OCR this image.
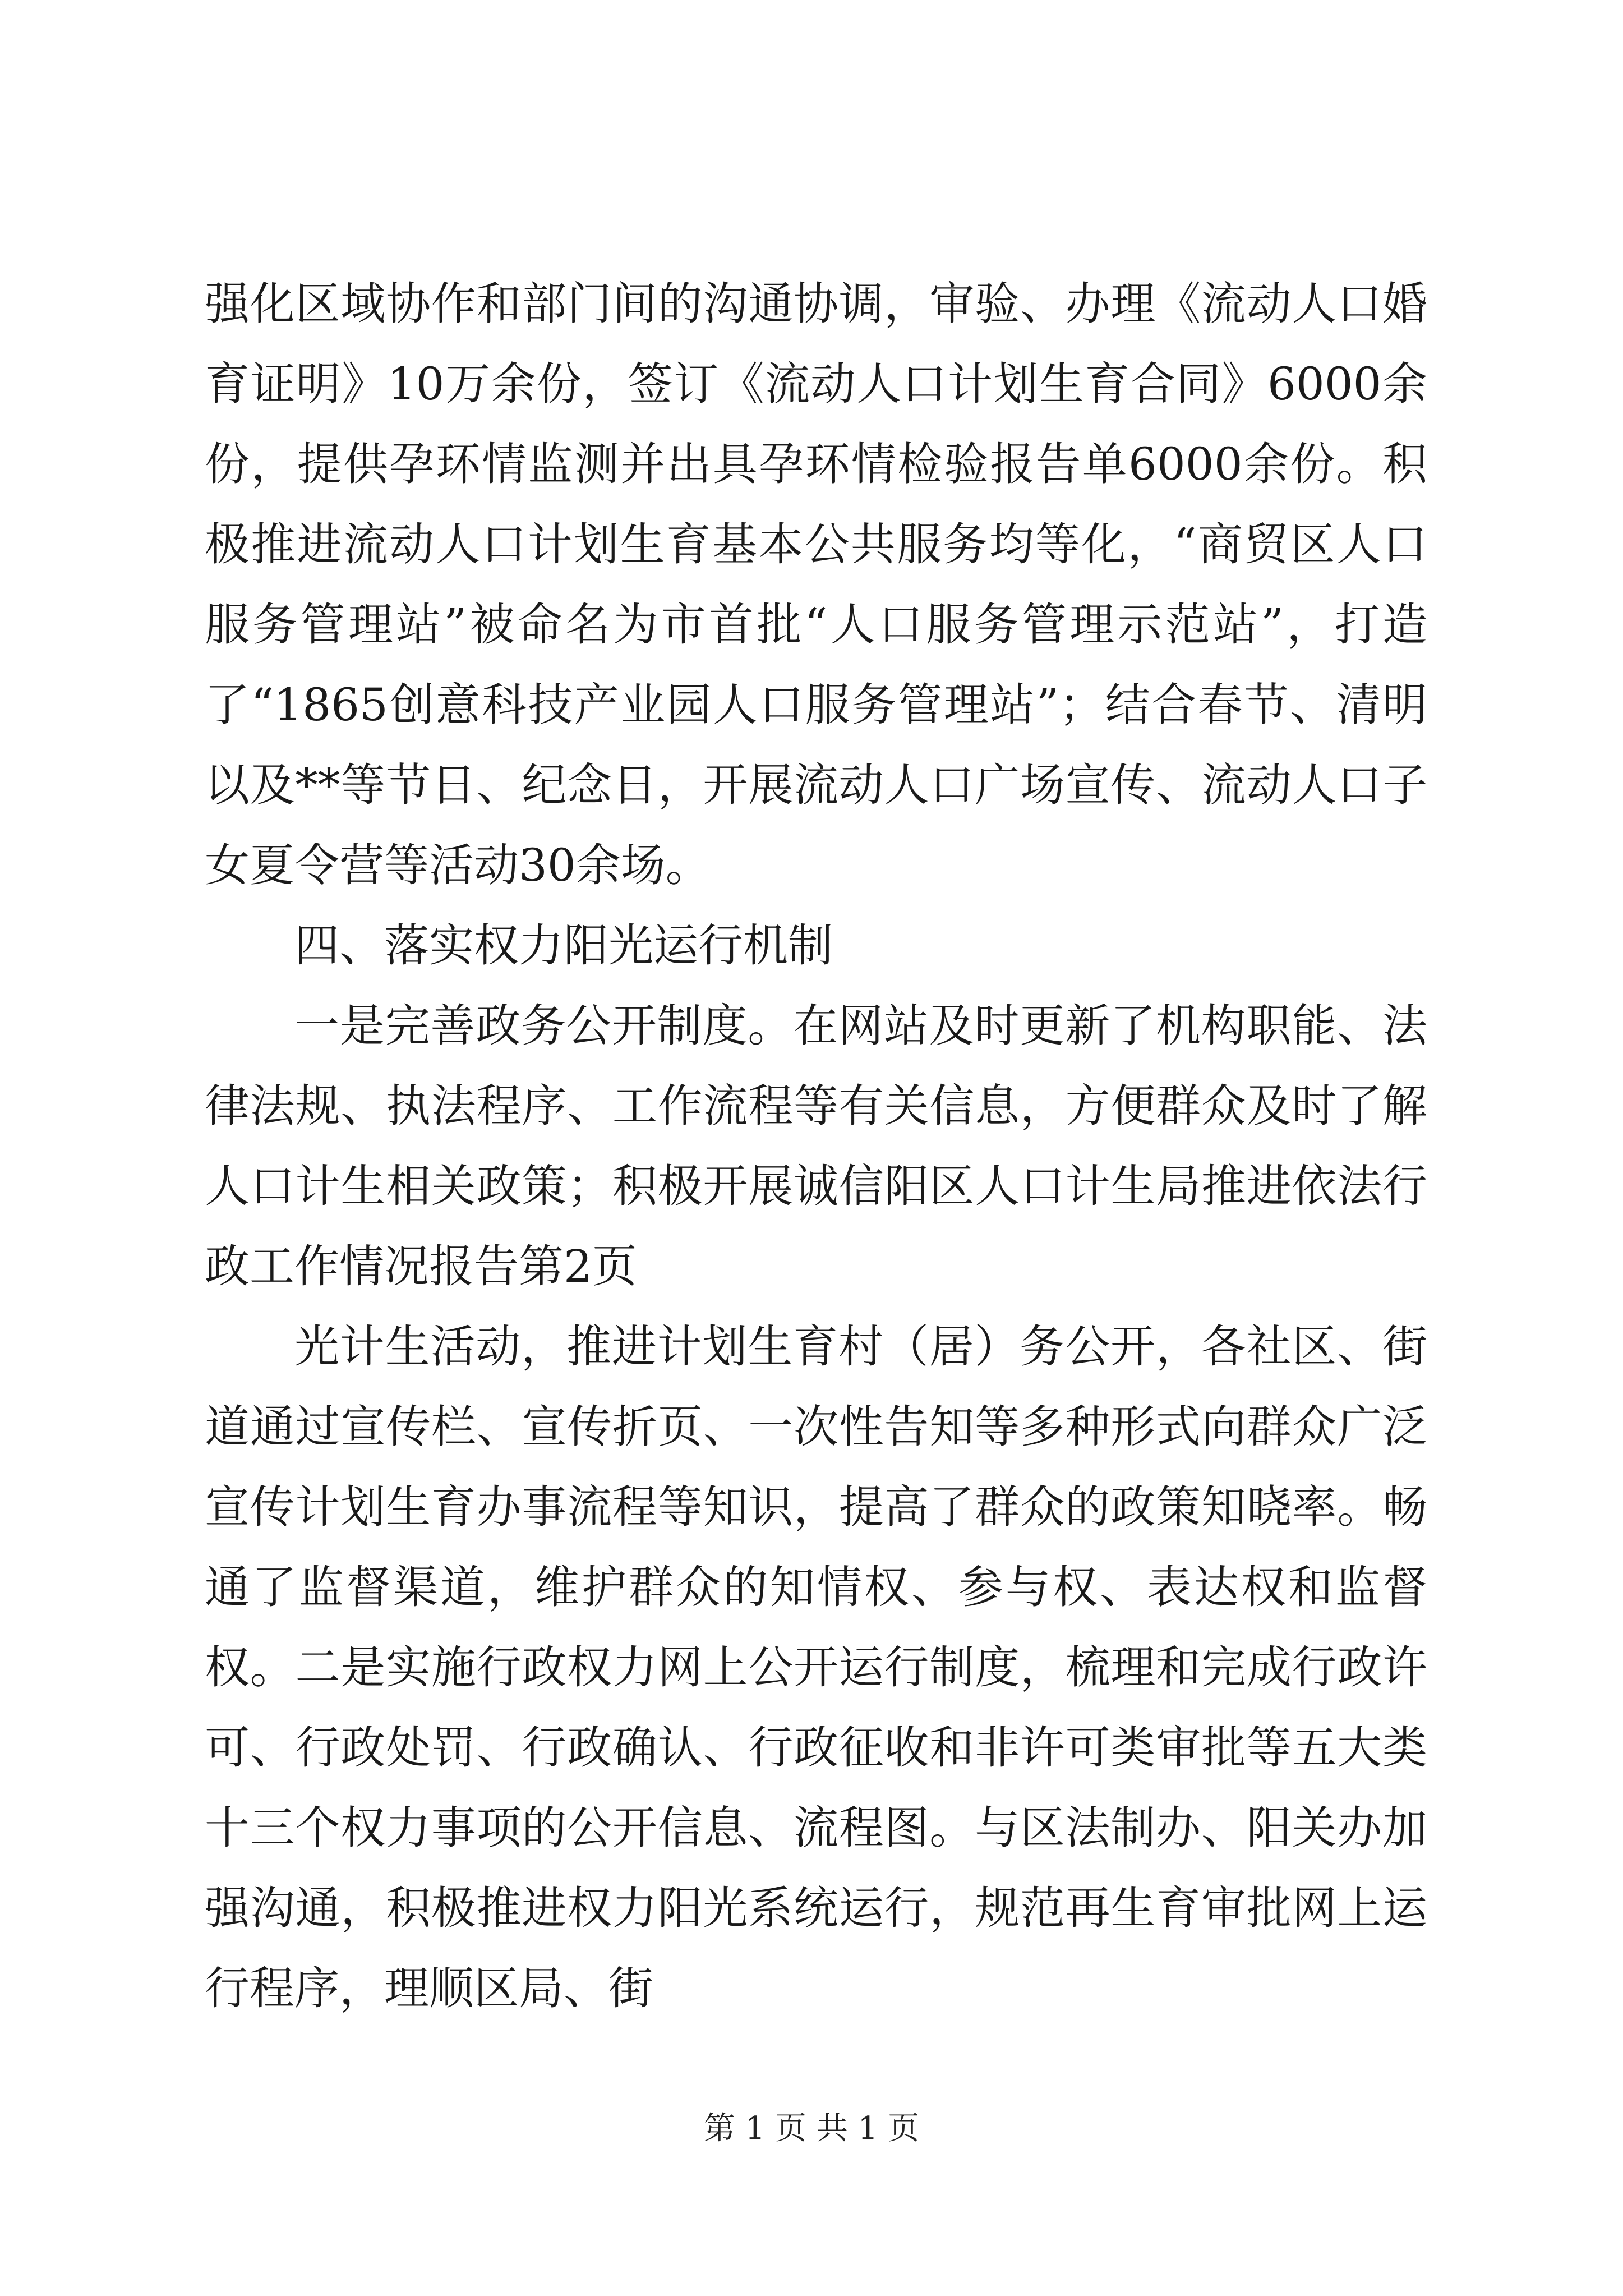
强化区域协作和部门间的沟通协调，审验、办理《流动人口婚育证明》10万余份，签订《流动人口计划生育合同》6000余份，提供孕环情监测并出具孕环情检验报告单6000余份。积极推进流动人口计划生育基本公共服务均等化，“商贸区人口服务管理站”被命名为市首批“人口服务管理示范站”，打造了“1865创意科技产业园人口服务管理站”；结合春节、清明以及**等节日、纪念日，开展流动人口广场宣传、流动人口子女夏令营等活动30余场。

四、落实权力阳光运行机制

一是完善政务公开制度。在网站及时更新了机构职能、法律法规、执法程序、工作流程等有关信息，方便群众及时了解人口计生相关政策；积极开展诚信阳区人口计生局推进依法行政工作情况报告第2页

光计生活动，推进计划生育村（居）务公开，各社区、街道通过宣传栏、宣传折页、一次性告知等多种形式向群众广泛宣传计划生育办事流程等知识，提高了群众的政策知晓率。畅通了监督渠道，维护群众的知情权、参与权、表达权和监督权。二是实施行政权力网上公开运行制度，梳理和完成行政许可、行政处罚、行政确认、行政征收和非许可类审批等五大类十三个权力事项的公开信息、流程图。与区法制办、阳关办加强沟通，积极推进权力阳光系统运行，规范再生育审批网上运行程序，理顺区局、街

第 1 页 共 1 页
